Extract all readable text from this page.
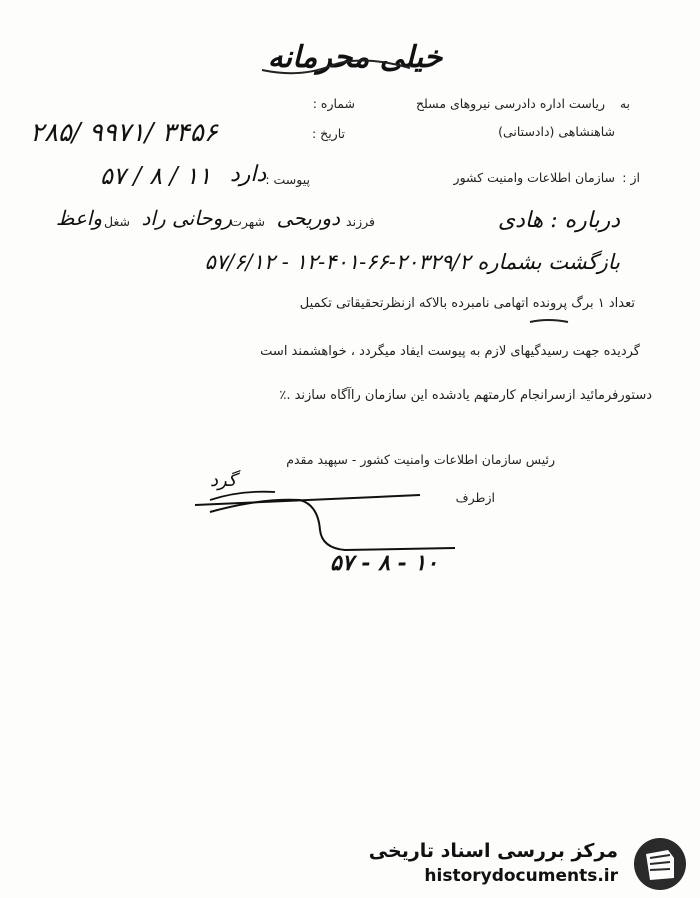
خیلی محرمانه
به
ریاست اداره دادرسی نیروهای مسلح
شماره :
شاهنشاهی (دادستانی)
تاریخ :
۲۸۵/ ۹۹۷۱/ ۳۴۵۶
از :
سازمان اطلاعات وامنیت کشور
پیوست :
دارد
۵۷ / ۸ / ۱۱
درباره : هادی
فرزند
دوریحی
شهرت
روحانی راد
شغل
واعظ
بازگشت بشماره ۲۰۳۲۹/۲-۶۶-۴۰۱-۱۲ - ۵۷/۶/۱۲
تعداد ۱ برگ پرونده اتهامی نامبرده بالاکه ازنظرتحقیقاتی تکمیل
گردیده جهت رسیدگیهای لازم به پیوست ایفاد میگردد ، خواهشمند است
دستورفرمائید ازسرانجام کارمتهم یادشده این سازمان راآگاه سازند .٪
رئیس سازمان اطلاعات وامنیت کشور - سپهبد مقدم
ازطرف
گرد
۵۷ - ۸ - ۱۰
مرکز بررسی اسناد تاریخی
historydocuments.ir
